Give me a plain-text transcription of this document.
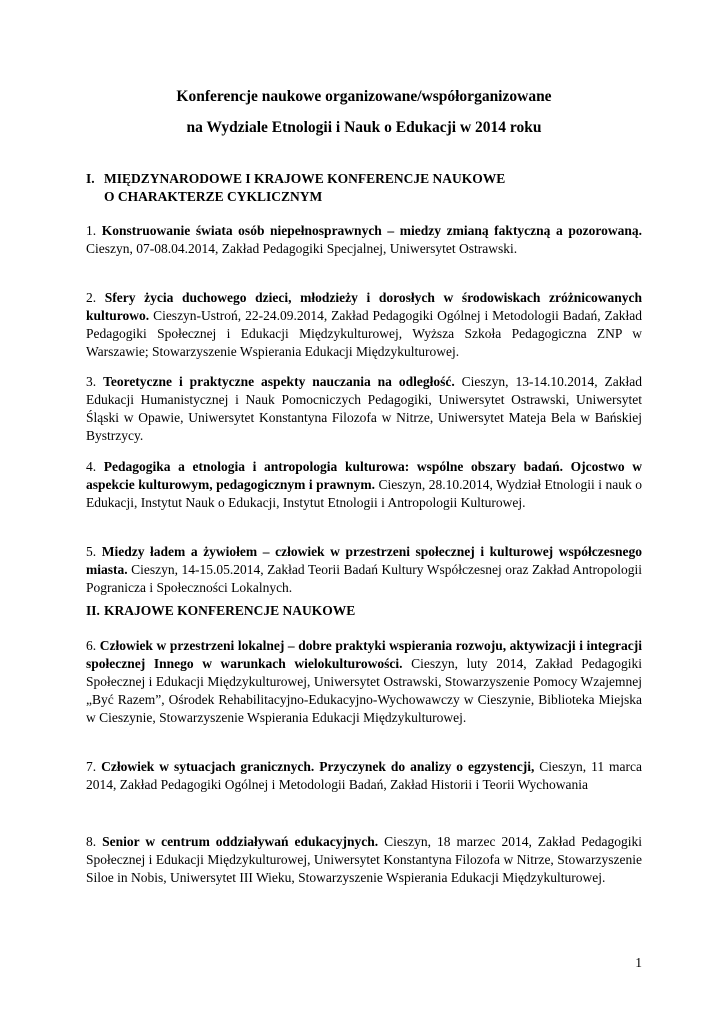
Konferencje naukowe organizowane/współorganizowane
na Wydziale Etnologii i Nauk o Edukacji w 2014 roku
I. MIĘDZYNARODOWE I KRAJOWE KONFERENCJE NAUKOWE
O CHARAKTERZE CYKLICZNYM
1. Konstruowanie świata osób niepełnosprawnych – miedzy zmianą faktyczną a pozorowaną. Cieszyn, 07-08.04.2014, Zakład Pedagogiki Specjalnej, Uniwersytet Ostrawski.
2. Sfery życia duchowego dzieci, młodzieży i dorosłych w środowiskach zróżnicowanych kulturowo. Cieszyn-Ustroń, 22-24.09.2014, Zakład Pedagogiki Ogólnej i Metodologii Badań, Zakład Pedagogiki Społecznej i Edukacji Międzykulturowej, Wyższa Szkoła Pedagogiczna ZNP w Warszawie; Stowarzyszenie Wspierania Edukacji Międzykulturowej.
3. Teoretyczne i praktyczne aspekty nauczania na odległość. Cieszyn, 13-14.10.2014, Zakład Edukacji Humanistycznej i Nauk Pomocniczych Pedagogiki, Uniwersytet Ostrawski, Uniwersytet Śląski w Opawie, Uniwersytet Konstantyna Filozofa w Nitrze, Uniwersytet Mateja Bela w Bańskiej Bystrzycy.
4. Pedagogika a etnologia i antropologia kulturowa: wspólne obszary badań. Ojcostwo w aspekcie kulturowym, pedagogicznym i prawnym. Cieszyn, 28.10.2014, Wydział Etnologii i nauk o Edukacji, Instytut Nauk o Edukacji, Instytut Etnologii i Antropologii Kulturowej.
5. Miedzy ładem a żywiołem – człowiek w przestrzeni społecznej i kulturowej współczesnego miasta. Cieszyn, 14-15.05.2014, Zakład Teorii Badań Kultury Współczesnej oraz Zakład Antropologii Pogranicza i Społeczności Lokalnych.
II. KRAJOWE KONFERENCJE NAUKOWE
6. Człowiek w przestrzeni lokalnej – dobre praktyki wspierania rozwoju, aktywizacji i integracji społecznej Innego w warunkach wielokulturowości. Cieszyn, luty 2014, Zakład Pedagogiki Społecznej i Edukacji Międzykulturowej, Uniwersytet Ostrawski, Stowarzyszenie Pomocy Wzajemnej „Być Razem”, Ośrodek Rehabilitacyjno-Edukacyjno-Wychowawczy w Cieszynie, Biblioteka Miejska w Cieszynie, Stowarzyszenie Wspierania Edukacji Międzykulturowej.
7. Człowiek w sytuacjach granicznych. Przyczynek do analizy o egzystencji, Cieszyn, 11 marca 2014, Zakład Pedagogiki Ogólnej i Metodologii Badań, Zakład Historii i Teorii Wychowania
8. Senior w centrum oddziaływań edukacyjnych. Cieszyn, 18 marzec 2014, Zakład Pedagogiki Społecznej i Edukacji Międzykulturowej, Uniwersytet Konstantyna Filozofa w Nitrze, Stowarzyszenie Siloe in Nobis, Uniwersytet III Wieku, Stowarzyszenie Wspierania Edukacji Międzykulturowej.
1
